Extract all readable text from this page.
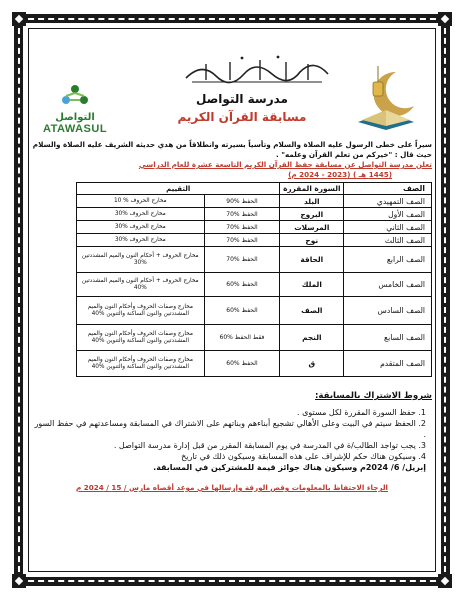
التواصل
ATAWASUL
مدرسة التواصل
مسابقة القرآن الكريم
سيراً على خطى الرسول عليه الصلاة والسلام وتأسياً بسيرته وانطلاقاً من هدي حديثه الشريف عليه الصلاة والسلام حيث قال : "خيركم من تعلم القرآن وعلمه" .
تعلن مدرسة التواصل عن مسابقة حفظ القرآن الكريم التاسعة عشرة للعام الدراسي
(1445 هـ ) (2023 - 2024 م)
الصف	السورة المقررة	التقييم	
الصف التمهيدي	البلد	الحفظ %90	مخارج الحروف % 10
الصف الأول	البروج	الحفظ %70	مخارج الحروف %30
الصف الثاني	المرسلات	الحفظ %70	مخارج الحروف %30
الصف الثالث	نوح	الحفظ %70	مخارج الحروف %30
الصف الرابع	الحاقة	الحفظ %70	مخارج الحروف + أحكام النون والميم المشددتين %30
الصف الخامس	الملك	الحفظ %60	مخارج الحروف + أحكام النون والميم المشددتين %40
الصف السادس	الصف	الحفظ %60	مخارج وصفات الحروف وأحكام النون والميم المشددتين والنون الساكنة والتنوين %40
الصف السابع	النجم	فقط الحفظ %60	مخارج وصفات الحروف وأحكام النون والميم المشددتين والنون الساكنة والتنوين %40
الصف المتقدم	ق	الحفظ %60	مخارج وصفات الحروف وأحكام النون والميم المشددتين والنون الساكنة والتنوين %40
شروط الاشتراك بالمسابقة:
1. حفظ السورة المقررة لكل مستوى .
2. الحفظ سيتم في البيت وعلى الأهالي تشجيع أبناءهم وبناتهم على الاشتراك في المسابقة ومساعدتهم في حفظ السور .
3. يجب تواجد الطالب/ة في المدرسة في يوم المسابقة المقرر من قبل إدارة مدرسة التواصل .
4. وسيكون هناك حكم للإشراف على هذه المسابقة وسيكون ذلك في تاريخ
إبريل/ 6/ 2024م وسيكون هناك جوائز قيمة للمشتركين في المسابقة.
الرجاء الاحتفاظ بالمعلومات وقص الورقة وإرسالها في موعد أقصاه مارس / 15 / 2024 م
